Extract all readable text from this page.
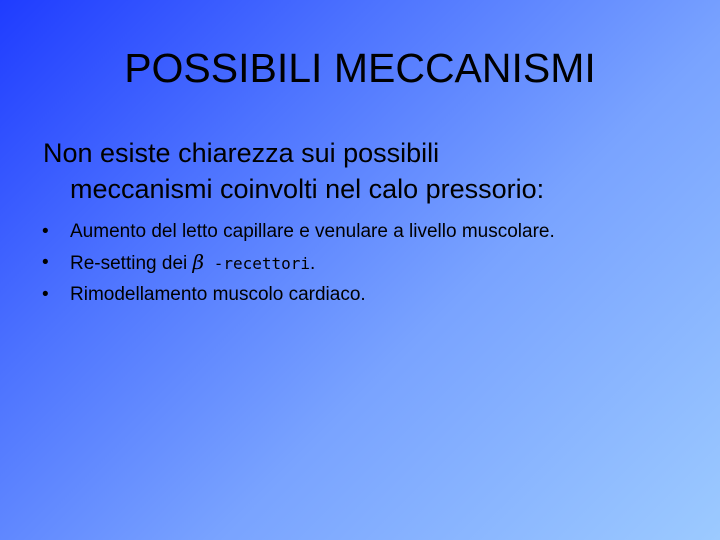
POSSIBILI MECCANISMI

Non esiste chiarezza sui possibili
meccanismi coinvolti nel calo pressorio:

• Aumento del letto capillare e venulare a livello muscolare.
• Re-setting dei β -recettori.
• Rimodellamento muscolo cardiaco.
